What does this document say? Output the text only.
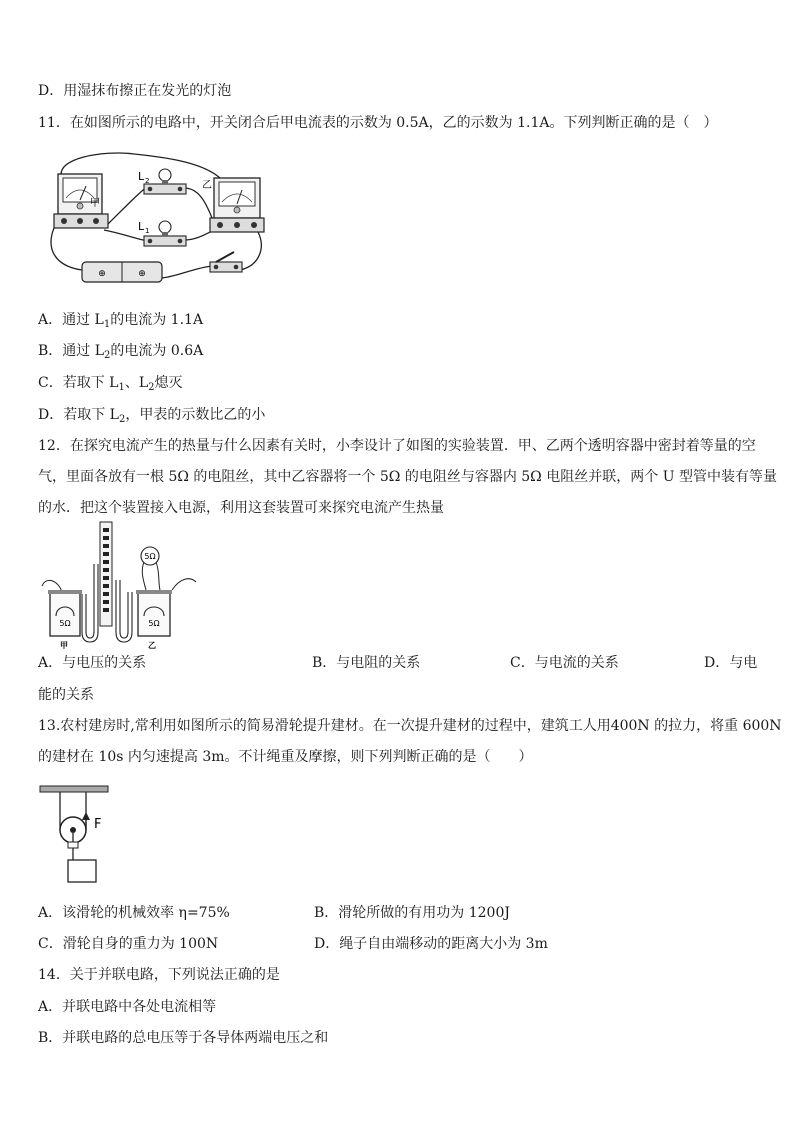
D．用湿抹布擦正在发光的灯泡
11．在如图所示的电路中，开关闭合后甲电流表的示数为 0.5A，乙的示数为 1.1A。下列判断正确的是（　）
⊕	⊕
甲
乙
L 2
L 1
A．通过 $L_1$的电流为 1.1A
B．通过 $L_2$的电流为 0.6A
C．若取下 $L_1$、$L_2$熄灭
D．若取下 $L_2$，甲表的示数比乙的小
12．在探究电流产生的热量与什么因素有关时，小李设计了如图的实验装置．甲、乙两个透明容器中密封着等量的空
气，里面各放有一根 5Ω 的电阻丝，其中乙容器将一个 5Ω 的电阻丝与容器内 5Ω 电阻丝并联，两个 U 型管中装有等量
的水．把这个装置接入电源，利用这套装置可来探究电流产生热量
5Ω
5Ω	5Ω
甲	乙
A．与电压的关系	B．与电阻的关系	C．与电流的关系	D．与电
能的关系
13.农村建房时,常利用如图所示的简易滑轮提升建材。在一次提升建材的过程中，建筑工人用400N 的拉力，将重 600N
的建材在 10s 内匀速提高 3m。不计绳重及摩擦，则下列判断正确的是（　　）
F
A．该滑轮的机械效率 η=75%	B．滑轮所做的有用功为 1200J
C．滑轮自身的重力为 100N	D．绳子自由端移动的距离大小为 3m
14．关于并联电路，下列说法正确的是
A．并联电路中各处电流相等
B．并联电路的总电压等于各导体两端电压之和
